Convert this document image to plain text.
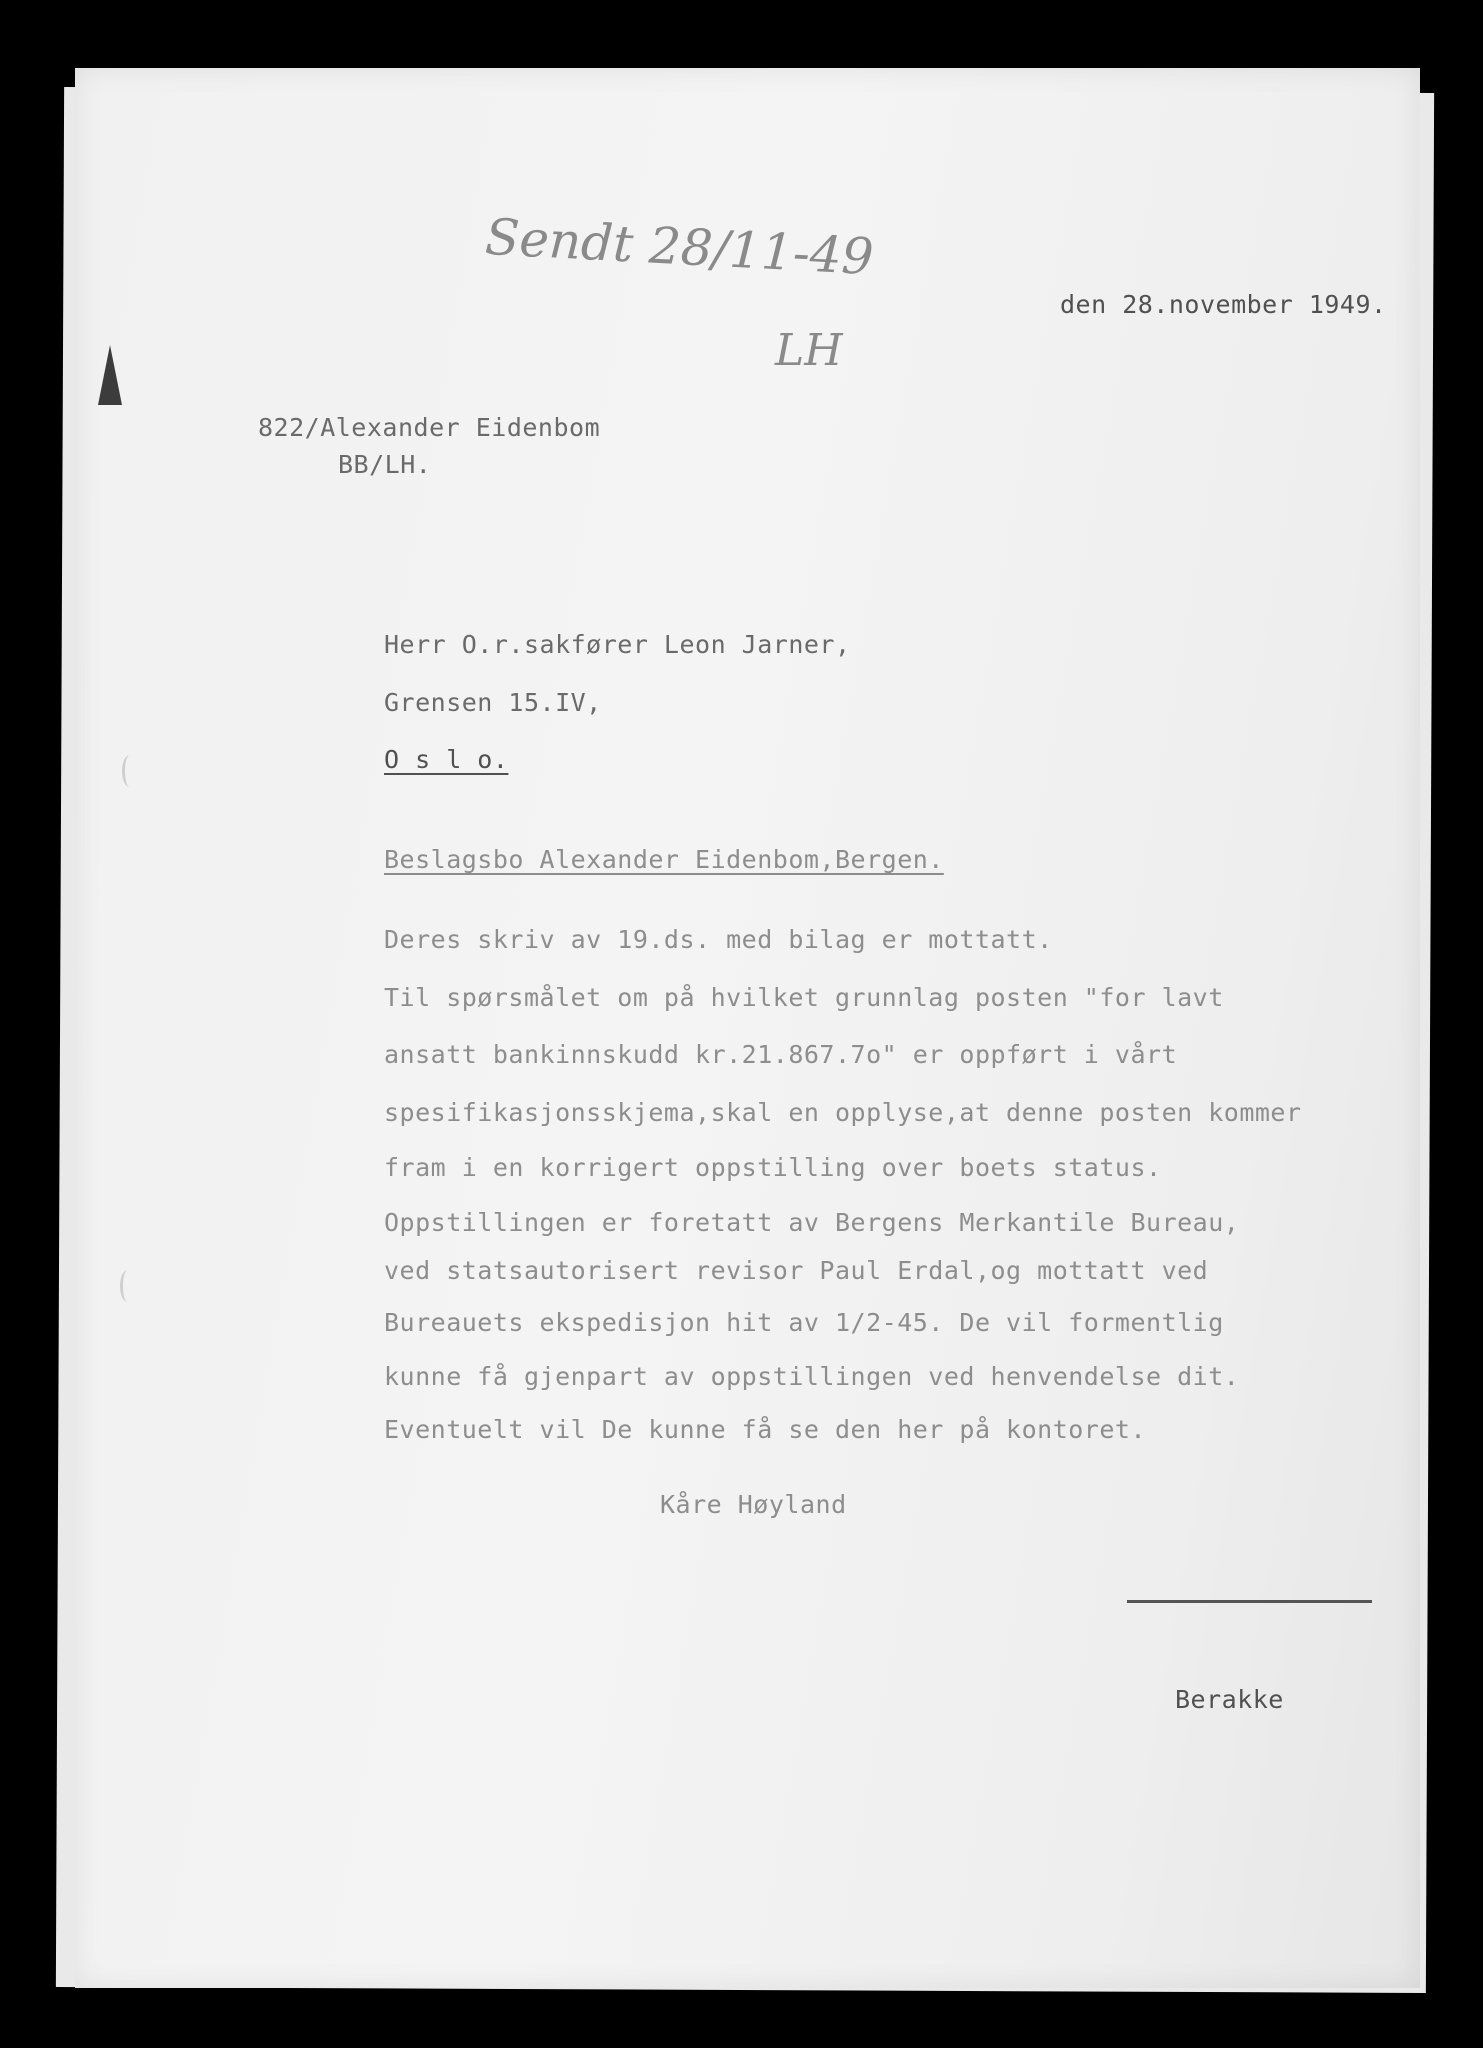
Sendt 28/11-49
LH

den 28.november 1949.

822/Alexander Eidenbom

BB/LH.

Herr O.r.sakfører Leon Jarner,

Grensen 15.IV,

O s l o.

Beslagsbo Alexander Eidenbom,Bergen.

Deres skriv av 19.ds. med bilag er mottatt.

Til spørsmålet om på hvilket grunnlag posten "for lavt

ansatt bankinnskudd kr.21.867.7o" er oppført i vårt

spesifikasjonsskjema,skal en opplyse,at denne posten kommer

fram i en korrigert oppstilling over boets status.

Oppstillingen er foretatt av Bergens Merkantile Bureau,

ved statsautorisert revisor Paul Erdal,og mottatt ved

Bureauets ekspedisjon hit av 1/2-45. De vil formentlig

kunne få gjenpart av oppstillingen ved henvendelse dit.

Eventuelt vil De kunne få se den her på kontoret.

Kåre Høyland

Berakke
